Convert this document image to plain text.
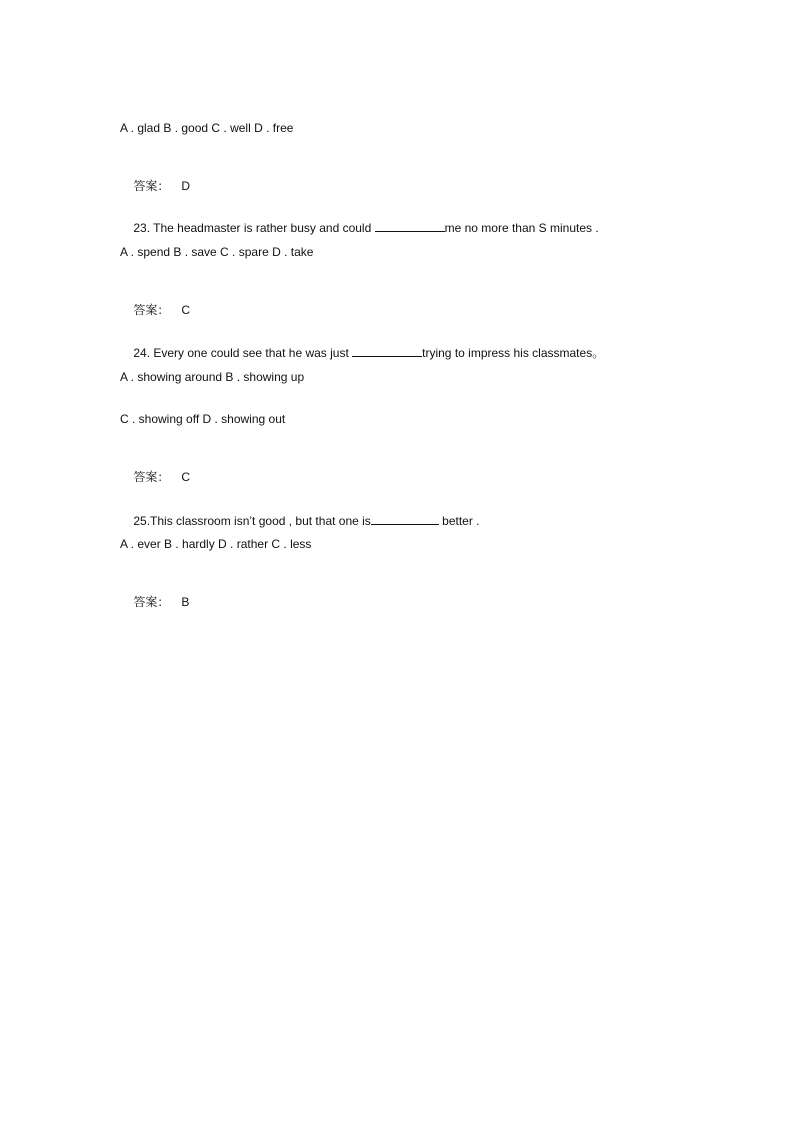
A . glad B . good C . well D . free

答案： D

23. The headmaster is rather busy and could	me no more than S minutes .

A . spend B . save C . spare D . take

答案： C

24. Every one could see that he was just	trying to impress his classmates。

A . showing around B . showing up
C . showing off D . showing out

答案： C

25.This classroom isn’t good , but that one is	better .

A . ever B . hardly D . rather C . less

答案： B
